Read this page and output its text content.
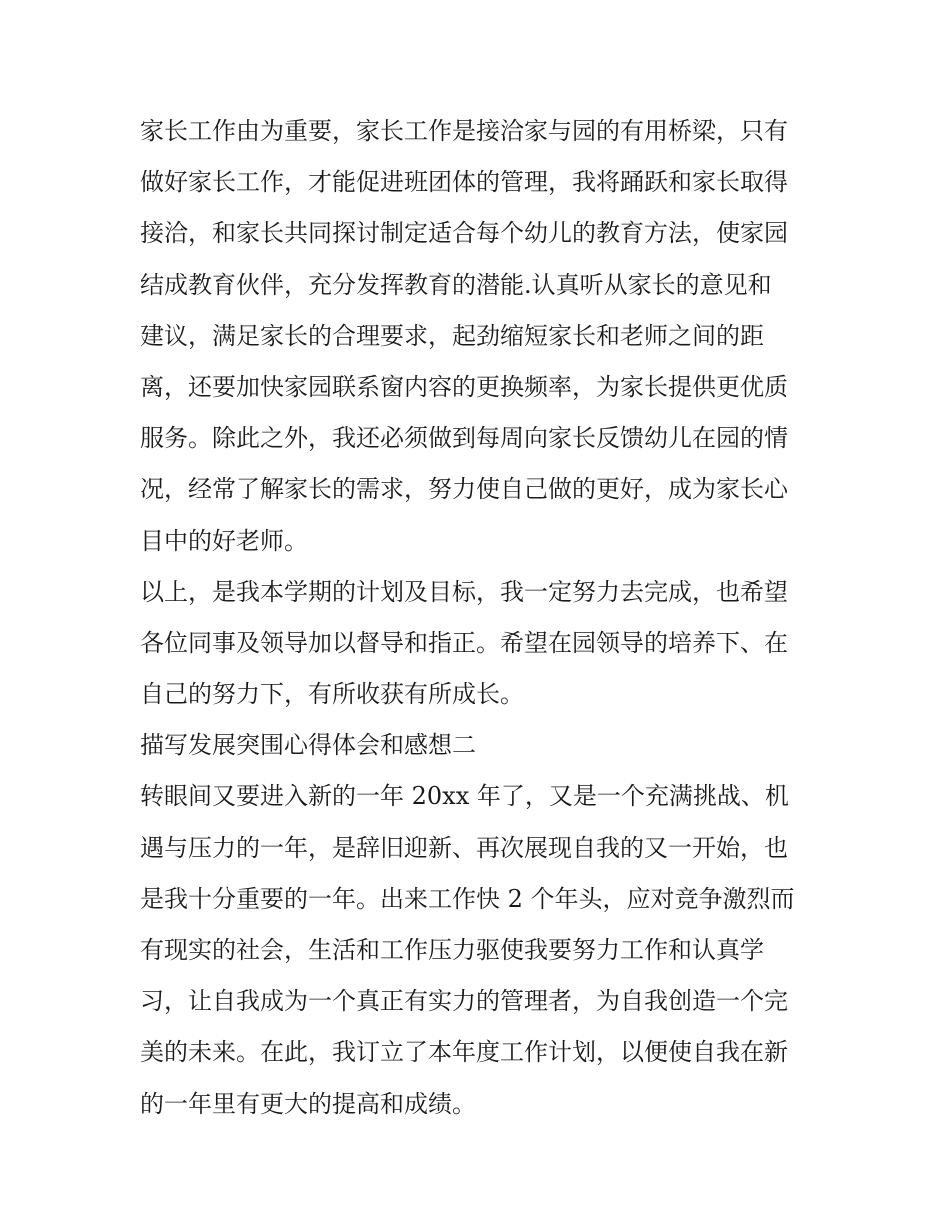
家长工作由为重要，家长工作是接洽家与园的有用桥梁，只有
做好家长工作，才能促进班团体的管理，我将踊跃和家长取得
接洽，和家长共同探讨制定适合每个幼儿的教育方法，使家园
结成教育伙伴，充分发挥教育的潜能.认真听从家长的意见和
建议，满足家长的合理要求，起劲缩短家长和老师之间的距
离，还要加快家园联系窗内容的更换频率，为家长提供更优质
服务。除此之外，我还必须做到每周向家长反馈幼儿在园的情
况，经常了解家长的需求，努力使自己做的更好，成为家长心
目中的好老师。
以上，是我本学期的计划及目标，我一定努力去完成，也希望
各位同事及领导加以督导和指正。希望在园领导的培养下、在
自己的努力下，有所收获有所成长。
描写发展突围心得体会和感想二
转眼间又要进入新的一年 20xx 年了，又是一个充满挑战、机
遇与压力的一年，是辞旧迎新、再次展现自我的又一开始，也
是我十分重要的一年。出来工作快 2 个年头，应对竞争激烈而
有现实的社会，生活和工作压力驱使我要努力工作和认真学
习，让自我成为一个真正有实力的管理者，为自我创造一个完
美的未来。在此，我订立了本年度工作计划，以便使自我在新
的一年里有更大的提高和成绩。
